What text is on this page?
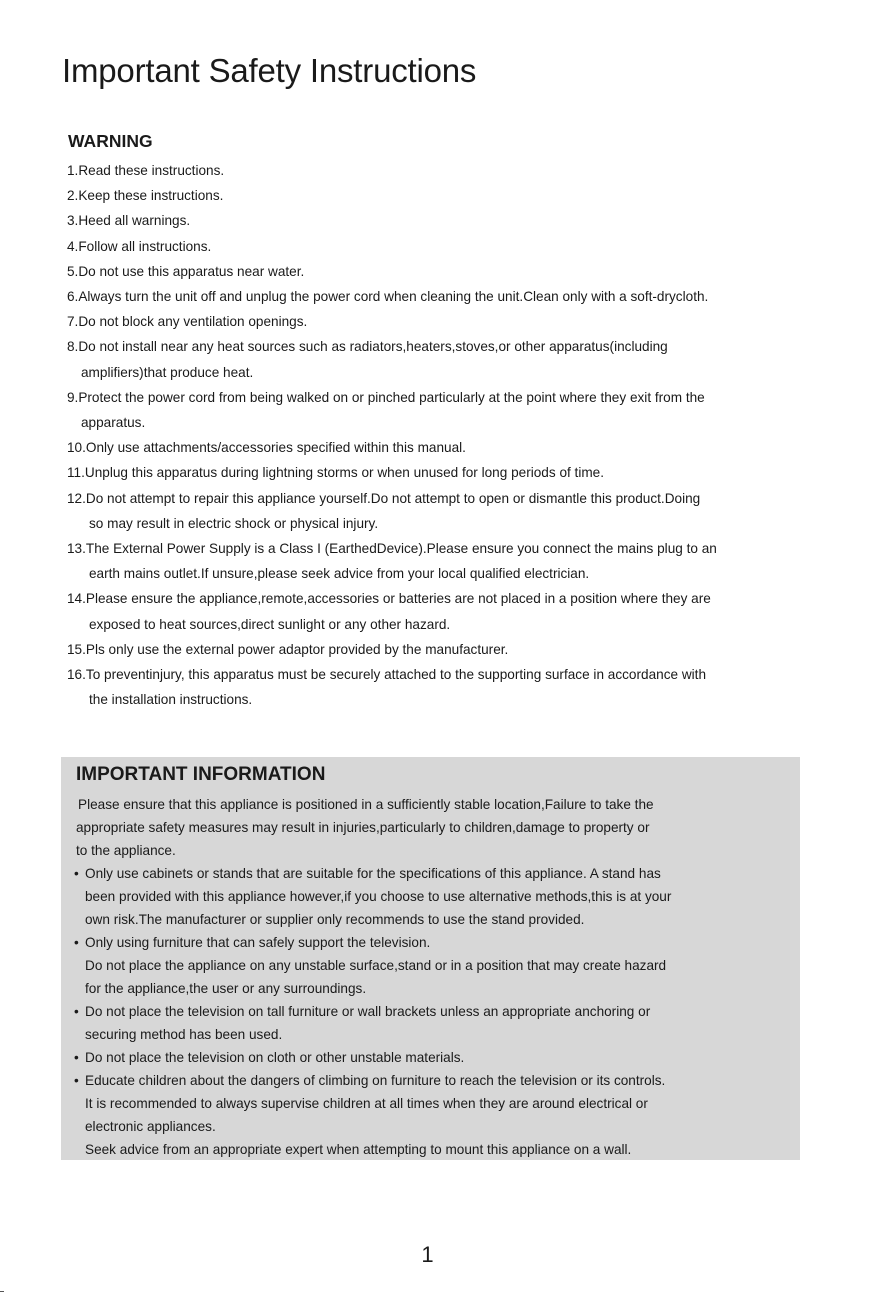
Important Safety Instructions
WARNING
1.Read these instructions.
2.Keep these instructions.
3.Heed all warnings.
4.Follow all instructions.
5.Do not use this apparatus near water.
6.Always turn the unit off and unplug the power cord when cleaning the unit.Clean only with a soft-drycloth.
7.Do not block any ventilation openings.
8.Do not install near any heat sources such as radiators,heaters,stoves,or other apparatus(including
amplifiers)that produce heat.
9.Protect the power cord from being walked on or pinched particularly at the point where they exit from the
apparatus.
10.Only use attachments/accessories specified within this manual.
11.Unplug this apparatus during lightning storms or when unused for long periods of time.
12.Do not attempt to repair this appliance yourself.Do not attempt to open or dismantle this product.Doing
so may result in electric shock or physical injury.
13.The External Power Supply is a Class I (EarthedDevice).Please ensure you connect the mains plug to an
earth mains outlet.If unsure,please seek advice from your local qualified electrician.
14.Please ensure the appliance,remote,accessories or batteries are not placed in a position where they are
exposed to heat sources,direct sunlight or any other hazard.
15.Pls only use the external power adaptor provided by the manufacturer.
16.To preventinjury, this apparatus must be securely attached to the supporting surface in accordance with
the installation instructions.
IMPORTANT INFORMATION

Please ensure that this appliance is positioned in a sufficiently stable location,Failure to take the
appropriate safety measures may result in injuries,particularly to children,damage to property or
to the appliance.

• Only use cabinets or stands that are suitable for the specifications of this appliance. A stand has
been provided with this appliance however,if you choose to use alternative methods,this is at your
own risk.The manufacturer or supplier only recommends to use the stand provided.
• Only using furniture that can safely support the television.
Do not place the appliance on any unstable surface,stand or in a position that may create hazard
for the appliance,the user or any surroundings.
• Do not place the television on tall furniture or wall brackets unless an appropriate anchoring or
securing method has been used.
• Do not place the television on cloth or other unstable materials.
• Educate children about the dangers of climbing on furniture to reach the television or its controls.
It is recommended to always supervise children at all times when they are around electrical or
electronic appliances.
Seek advice from an appropriate expert when attempting to mount this appliance on a wall.
1
